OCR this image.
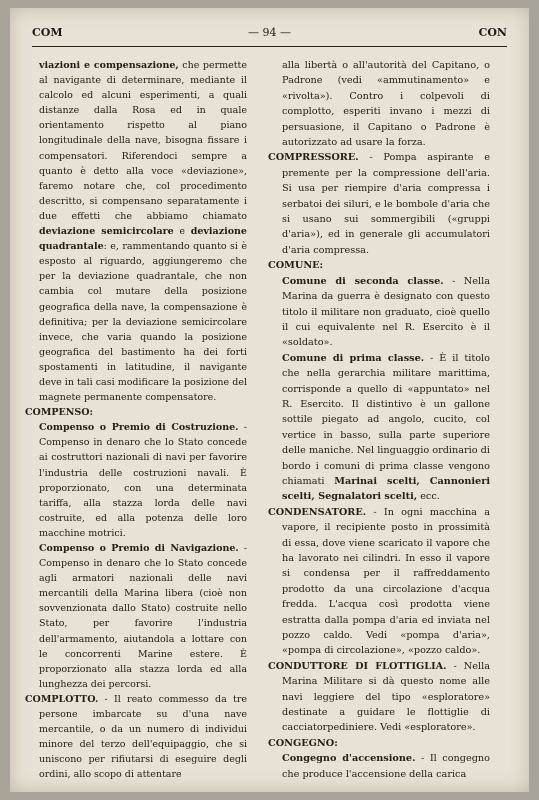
COM	— 94 —	CON

viazioni e compensazione, che permette al navigante di determinare, mediante il calcolo ed alcuni esperimenti, a quali distanze dalla Rosa ed in quale orientamento rispetto al piano longitudinale della nave, bisogna fissare i compensatori. Riferendoci sempre a quanto è detto alla voce «deviazione», faremo notare che, col procedimento descritto, si compensano separatamente i due effetti che abbiamo chiamato deviazione semicircolare e deviazione quadrantale: e, rammentando quanto si è esposto al riguardo, aggiungeremo che per la deviazione quadrantale, che non cambia col mutare della posizione geografica della nave, la compensazione è definitiva; per la deviazione semicircolare invece, che varia quando la posizione geografica del bastimento ha dei forti spostamenti in latitudine, il navigante deve in tali casi modificare la posizione del magnete permanente compensatore.

COMPENSO:

Compenso o Premio di Costruzione. - Compenso in denaro che lo Stato concede ai costruttori nazionali di navi per favorire l'industria delle costruzioni navali. È proporzionato, con una determinata tariffa, alla stazza lorda delle navi costruite, ed alla potenza delle loro macchine motrici.

Compenso o Premio di Navigazione. - Compenso in denaro che lo Stato concede agli armatori nazionali delle navi mercantili della Marina libera (cioè non sovvenzionata dallo Stato) costruite nello Stato, per favorire l'industria dell'armamento, aiutandola a lottare con le concorrenti Marine estere. È proporzionato alla stazza lorda ed alla lunghezza dei percorsi.

COMPLOTTO. - Il reato commesso da tre persone imbarcate su d'una nave mercantile, o da un numero di individui minore del terzo dell'equipaggio, che si uniscono per rifiutarsi di eseguire degli ordini, allo scopo di attentare

alla libertà o all'autorità del Capitano, o Padrone (vedi «ammutinamento» e «rivolta»). Contro i colpevoli di complotto, esperiti invano i mezzi di persuasione, il Capitano o Padrone è autorizzato ad usare la forza.

COMPRESSORE. - Pompa aspirante e premente per la compressione dell'aria. Si usa per riempire d'aria compressa i serbatoi dei siluri, e le bombole d'aria che si usano sui sommergibili («gruppi d'aria»), ed in generale gli accumulatori d'aria compressa.

COMUNE:

Comune di seconda classe. - Nella Marina da guerra è designato con questo titolo il militare non graduato, cioè quello il cui equivalente nel R. Esercito è il «soldato».

Comune di prima classe. - È il titolo che nella gerarchia militare marittima, corrisponde a quello di «appuntato» nel R. Esercito. Il distintivo è un gallone sottile piegato ad angolo, cucito, col vertice in basso, sulla parte superiore delle maniche. Nel linguaggio ordinario di bordo i comuni di prima classe vengono chiamati Marinai scelti, Cannonieri scelti, Segnalatori scelti, ecc.

CONDENSATORE. - In ogni macchina a vapore, il recipiente posto in prossimità di essa, dove viene scaricato il vapore che ha lavorato nei cilindri. In esso il vapore si condensa per il raffreddamento prodotto da una circolazione d'acqua fredda. L'acqua così prodotta viene estratta dalla pompa d'aria ed inviata nel pozzo caldo. Vedi «pompa d'aria», «pompa di circolazione», «pozzo caldo».

CONDUTTORE DI FLOTTIGLIA. - Nella Marina Militare si dà questo nome alle navi leggiere del tipo «esploratore» destinate a guidare le flottiglie di cacciatorpediniere. Vedi «esploratore».

CONGEGNO:

Congegno d'accensione. - Il congegno che produce l'accensione della carica
